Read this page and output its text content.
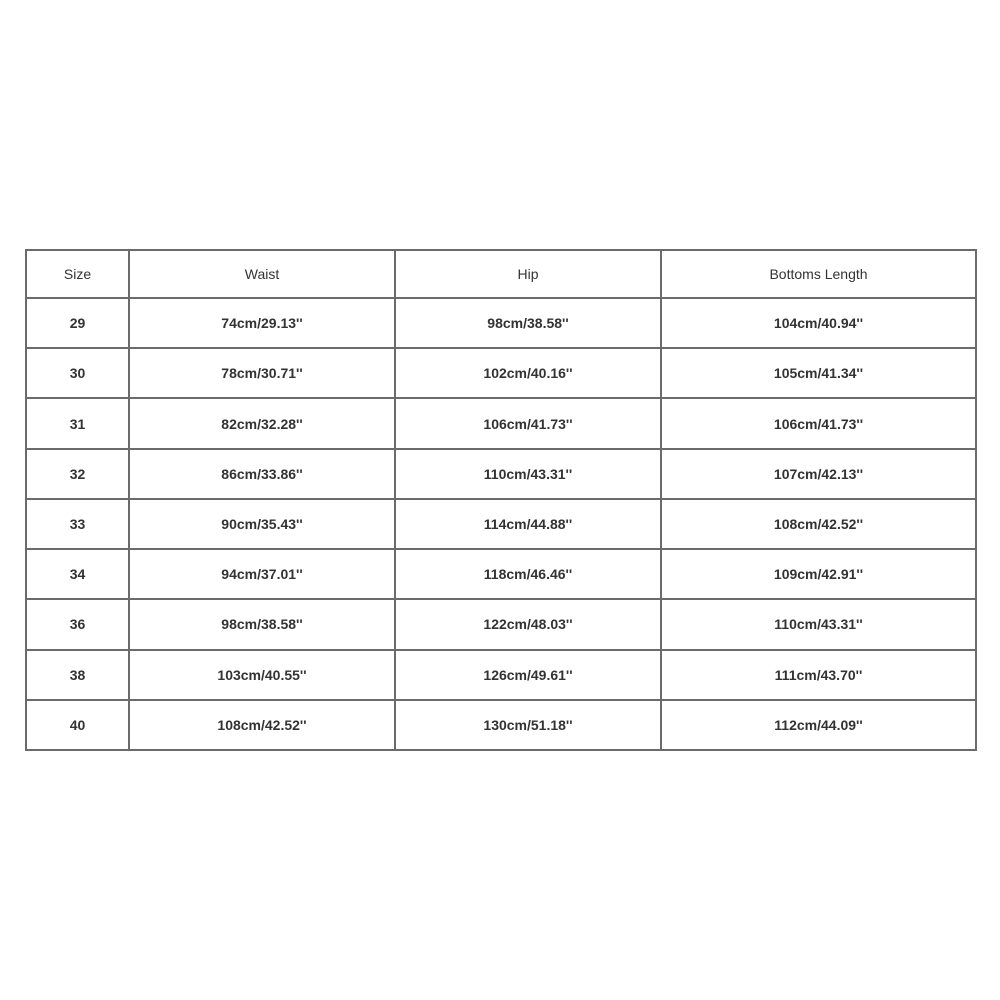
Size	Waist	Hip	Bottoms Length
29	74cm/29.13''	98cm/38.58''	104cm/40.94''
30	78cm/30.71''	102cm/40.16''	105cm/41.34''
31	82cm/32.28''	106cm/41.73''	106cm/41.73''
32	86cm/33.86''	110cm/43.31''	107cm/42.13''
33	90cm/35.43''	114cm/44.88''	108cm/42.52''
34	94cm/37.01''	118cm/46.46''	109cm/42.91''
36	98cm/38.58''	122cm/48.03''	110cm/43.31''
38	103cm/40.55''	126cm/49.61''	111cm/43.70''
40	108cm/42.52''	130cm/51.18''	112cm/44.09''
